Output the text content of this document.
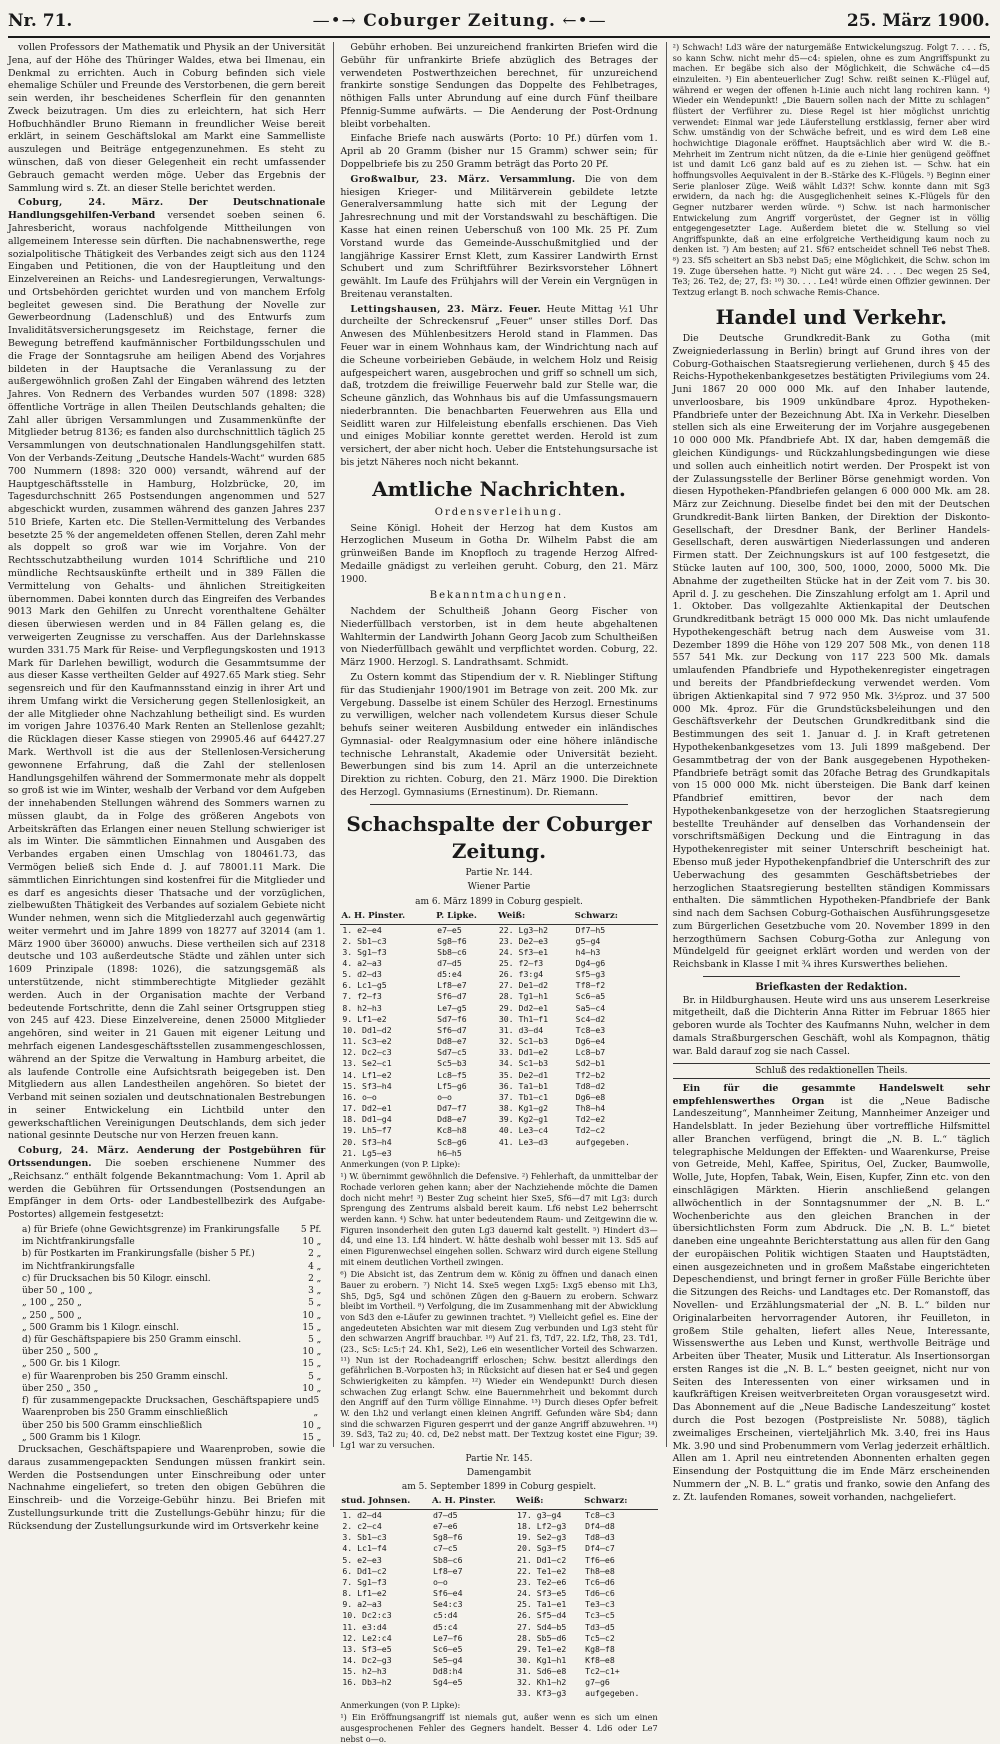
Nr. 71.	—•→ Coburger Zeitung. ←•—	25. März 1900.

vollen Professors der Mathematik und Physik an der Universität Jena, auf der Höhe des Thüringer Waldes, etwa bei Ilmenau, ein Denkmal zu errichten. Auch in Coburg befinden sich viele ehemalige Schüler und Freunde des Verstorbenen, die gern bereit sein werden, ihr bescheidenes Scherflein für den genannten Zweck beizutragen. Um dies zu erleichtern, hat sich Herr Hofbuchhändler Bruno Riemann in freundlicher Weise bereit erklärt, in seinem Geschäftslokal am Markt eine Sammelliste auszulegen und Beiträge entgegenzunehmen. Es steht zu wünschen, daß von dieser Gelegenheit ein recht umfassender Gebrauch gemacht werden möge. Ueber das Ergebnis der Sammlung wird s. Zt. an dieser Stelle berichtet werden.

Coburg, 24. März.	Der Deutschnationale Handlungsgehilfen-Verband versendet soeben seinen 6. Jahresbericht, woraus nachfolgende Mittheilungen von allgemeinem Interesse sein dürften. Die nachabnenswerthe, rege sozialpolitische Thätigkeit des Verbandes zeigt sich aus den 1124 Eingaben und Petitionen, die von der Hauptleitung und den Einzelvereinen an Reichs- und Landesregierungen, Verwaltungs- und Ortsbehörden gerichtet wurden und von manchem Erfolg begleitet gewesen sind. Die Berathung der Novelle zur Gewerbeordnung (Ladenschluß) und des Entwurfs zum Invaliditätsversicherungsgesetz im Reichstage, ferner die Bewegung betreffend kaufmännischer Fortbildungsschulen und die Frage der Sonntagsruhe am heiligen Abend des Vorjahres bildeten in der Hauptsache die Veranlassung zu der außergewöhnlich großen Zahl der Eingaben während des letzten Jahres. Von Rednern des Verbandes wurden 507 (1898: 328) öffentliche Vorträge in allen Theilen Deutschlands gehalten; die Zahl aller übrigen Versammlungen und Zusammenkünfte der Mitglieder betrug 8136; es fanden also durchschnittlich täglich 25 Versammlungen von deutschnationalen Handlungsgehilfen statt. Von der Verbands-Zeitung „Deutsche Handels-Wacht“ wurden 685 700 Nummern (1898: 320 000) versandt, während auf der Hauptgeschäftsstelle in Hamburg, Holzbrücke, 20, im Tagesdurchschnitt 265 Postsendungen angenommen und 527 abgeschickt wurden, zusammen während des ganzen Jahres 237 510 Briefe, Karten etc. Die Stellen-Vermittelung des Verbandes besetzte 25 % der angemeldeten offenen Stellen, deren Zahl mehr als doppelt so groß war wie im Vorjahre. Von der Rechtsschutzabtheilung wurden 1014 Schriftliche und 210 mündliche Rechtsauskünfte ertheilt und in 389 Fällen die Vermittelung von Gehalts- und ähnlichen Streitigkeiten übernommen. Dabei konnten durch das Eingreifen des Verbandes 9013 Mark den Gehilfen zu Unrecht vorenthaltene Gehälter diesen überwiesen werden und in 84 Fällen gelang es, die verweigerten Zeugnisse zu verschaffen. Aus der Darlehnskasse wurden 331.75 Mark für Reise- und Verpflegungskosten und 1913 Mark für Darlehen bewilligt, wodurch die Gesammtsumme der aus dieser Kasse vertheilten Gelder auf 4927.65 Mark stieg. Sehr segensreich und für den Kaufmannsstand einzig in ihrer Art und ihrem Umfang wirkt die Versicherung gegen Stellenlosigkeit, an der alle Mitglieder ohne Nachzahlung betheiligt sind. Es wurden im vorigen Jahre 10376.40 Mark Renten an Stellenlose gezahlt; die Rücklagen dieser Kasse stiegen von 29905.46 auf 64427.27 Mark. Werthvoll ist die aus der Stellenlosen-Versicherung gewonnene Erfahrung, daß die Zahl der stellenlosen Handlungsgehilfen während der Sommermonate mehr als doppelt so groß ist wie im Winter, weshalb der Verband vor dem Aufgeben der innehabenden Stellungen während des Sommers warnen zu müssen glaubt, da in Folge des größeren Angebots von Arbeitskräften das Erlangen einer neuen Stellung schwieriger ist als im Winter. Die sämmtlichen Einnahmen und Ausgaben des Verbandes ergaben einen Umschlag von 180461.73, das Vermögen beließ sich Ende d. J. auf 78001.11 Mark. Die sämmtlichen Einrichtungen sind kostenfrei für die Mitglieder und es darf es angesichts dieser Thatsache und der vorzüglichen, zielbewußten Thätigkeit des Verbandes auf sozialem Gebiete nicht Wunder nehmen, wenn sich die Mitgliederzahl auch gegenwärtig weiter vermehrt und im Jahre 1899 von 18277 auf 32014 (am 1. März 1900 über 36000) anwuchs. Diese vertheilen sich auf 2318 deutsche und 103 außerdeutsche Städte und zählen unter sich 1609 Prinzipale (1898: 1026), die satzungsgemäß als unterstützende, nicht stimmberechtigte Mitglieder gezählt werden. Auch in der Organisation machte der Verband bedeutende Fortschritte, denn die Zahl seiner Ortsgruppen stieg von 245 auf 423. Diese Einzelvereine, denen 25000 Mitglieder angehören, sind weiter in 21 Gauen mit eigener Leitung und mehrfach eigenen Landesgeschäftsstellen zusammengeschlossen, während an der Spitze die Verwaltung in Hamburg arbeitet, die als laufende Controlle eine Aufsichtsrath beigegeben ist. Den Mitgliedern aus allen Landestheilen angehören. So bietet der Verband mit seinen sozialen und deutschnationalen Bestrebungen in seiner Entwickelung ein Lichtbild unter den gewerkschaftlichen Vereinigungen Deutschlands, dem sich jeder national gesinnte Deutsche nur von Herzen freuen kann.

Coburg, 24. März. Aenderung der Postgebühren für Ortssendungen. Die soeben erschienene Nummer des „Reichsanz.“ enthält folgende Bekanntmachung: Vom 1. April ab werden die Gebühren für Ortssendungen (Postsendungen an Empfänger in dem Orts- oder Landbestellbezirk des Aufgabe-Postortes) allgemein festgesetzt:

a) für Briefe (ohne Gewichtsgrenze) im Frankirungsfalle 5 Pf.
im Nichtfrankirungsfalle	10 „
b) für Postkarten im Frankirungsfalle (bisher 5 Pf.)	2 „
im Nichtfrankirungsfalle	4 „
c) für Drucksachen bis 50 Kilogr. einschl.	2 „
über 50 „ 100 „	3 „
„ 100 „ 250 „	5 „
„ 250 „ 500 „	10 „
„ 500 Gramm bis 1 Kilogr. einschl.	15 „
d) für Geschäftspapiere bis 250 Gramm einschl.	5 „
über 250 „ 500 „	10 „
„ 500 Gr. bis 1 Kilogr.	15 „
e) für Waarenproben bis 250 Gramm einschl.	5 „
über 250 „ 350 „	10 „
f) für zusammengepackte Drucksachen, Geschäftspapiere und Waarenproben bis 250 Gramm einschließlich
5 „
über 250 bis 500 Gramm einschließlich	10 „
„ 500 Gramm bis 1 Kilogr.	15 „

Drucksachen, Geschäftspapiere und Waarenproben, sowie die daraus zusammengepackten Sendungen müssen frankirt sein. Werden die Postsendungen unter Einschreibung oder unter Nachnahme eingeliefert, so treten den obigen Gebühren die Einschreib- und die Vorzeige-Gebühr hinzu. Bei Briefen mit Zustellungsurkunde tritt die Zustellungs-Gebühr hinzu; für die Rücksendung der Zustellungsurkunde wird im Ortsverkehr keine

Gebühr erhoben. Bei unzureichend frankirten Briefen wird die Gebühr für unfrankirte Briefe abzüglich des Betrages der verwendeten Postwerthzeichen berechnet, für unzureichend frankirte sonstige Sendungen das Doppelte des Fehlbetrages, nöthigen Falls unter Abrundung auf eine durch Fünf theilbare Pfennig-Summe aufwärts. — Die Aenderung der Post-Ordnung bleibt vorbehalten.

Einfache Briefe nach auswärts (Porto: 10 Pf.) dürfen vom 1. April ab 20 Gramm (bisher nur 15 Gramm) schwer sein; für Doppelbriefe bis zu 250 Gramm beträgt das Porto 20 Pf.

Großwalbur, 23. März. Versammlung. Die von dem hiesigen Krieger- und Militärverein gebildete letzte Generalversammlung hatte sich mit der Legung der Jahresrechnung und mit der Vorstandswahl zu beschäftigen. Die Kasse hat einen reinen Ueberschuß von 100 Mk. 25 Pf. Zum Vorstand wurde das Gemeinde-Ausschußmitglied und der langjährige Kassirer Ernst Klett, zum Kassirer Landwirth Ernst Schubert und zum Schriftführer Bezirksvorsteher Löhnert gewählt. Im Laufe des Frühjahrs will der Verein ein Vergnügen in Breitenau veranstalten.

Lettingshausen, 23. März. Feuer. Heute Mittag ½1 Uhr durcheilte der Schreckensruf „Feuer“ unser stilles Dorf. Das Anwesen des Mühlenbesitzers Herold stand in Flammen. Das Feuer war in einem Wohnhaus kam, der Windrichtung nach auf die Scheune vorbeirieben Gebäude, in welchem Holz und Reisig aufgespeichert waren, ausgebrochen und griff so schnell um sich, daß, trotzdem die freiwillige Feuerwehr bald zur Stelle war, die Scheune gänzlich, das Wohnhaus bis auf die Umfassungsmauern niederbrannten. Die benachbarten Feuerwehren aus Ella und Seidlitt waren zur Hilfeleistung ebenfalls erschienen. Das Vieh und einiges Mobiliar konnte gerettet werden. Herold ist zum versichert, der aber nicht hoch. Ueber die Entstehungsursache ist bis jetzt Näheres noch nicht bekannt.

Amtliche Nachrichten.
Ordensverleihung.

Seine Königl. Hoheit der Herzog hat dem Kustos am Herzoglichen Museum in Gotha Dr. Wilhelm Pabst die am grünweißen Bande im Knopfloch zu tragende Herzog Alfred-Medaille gnädigst zu verleihen geruht. Coburg, den 21. März 1900.

Bekanntmachungen.

Nachdem der Schultheiß Johann Georg Fischer von Niederfüllbach verstorben, ist in dem heute abgehaltenen Wahltermin der Landwirth Johann Georg Jacob zum Schultheißen von Niederfüllbach gewählt und verpflichtet worden. Coburg, 22. März 1900. Herzogl. S. Landrathsamt. Schmidt.

Zu Ostern kommt das Stipendium der v. R. Nieblinger Stiftung für das Studienjahr 1900/1901 im Betrage von zeit. 200 Mk. zur Vergebung. Dasselbe ist einem Schüler des Herzogl. Ernestinums zu verwilligen, welcher nach vollendetem Kursus dieser Schule behufs seiner weiteren Ausbildung entweder ein inländisches Gymnasial- oder Realgymnasium oder eine höhere inländische technische Lehranstalt, Akademie oder Universität bezieht. Bewerbungen sind bis zum 14. April an die unterzeichnete Direktion zu richten. Coburg, den 21. März 1900. Die Direktion des Herzogl. Gymnasiums (Ernestinum). Dr. Riemann.

Schachspalte der Coburger Zeitung.
Partie Nr. 144.
Wiener Partie
am 6. März 1899 in Coburg gespielt.
A. H. Pinster.	P. Lipke.	Weiß:	Schwarz:
1. e2—e4	e7—e5	22. Lg3—h2	Df7—h5
2. Sb1—c3	Sg8—f6	23. De2—e3	g5—g4
3. Sg1—f3	Sb8—c6	24. Sf3—e1	h4—h3
4. a2—a3	d7—d5	25. f2—f3	Dg4—g6
5. d2—d3	d5:e4	26. f3:g4	Sf5—g3
6. Lc1—g5	Lf8—e7	27. De1—d2	Tf8—f2
7. f2—f3	Sf6—d7	28. Tg1—h1	Sc6—a5
8. h2—h3	Le7—g5	29. Dd2—e1	Sa5—c4
9. Lf1—e2	Sd7—f6	30. Th1—f1	Sc4—d2
10. Dd1—d2	Sf6—d7	31. d3—d4	Tc8—e3
11. Sc3—e2	Dd8—e7	32. Sc1—b3	Dg6—e4
12. Dc2—c3	Sd7—c5	33. Dd1—e2	Lc8—b7
13. Se2—c1	Sc5—b3	34. Sc1—b3	Sd2—b1
14. Lf1—e2	Lc8—f5	35. De2—d1	Tf2—b2
15. Sf3—h4	Lf5—g6	36. Ta1—b1	Td8—d2
16. o—o	o—o	37. Tb1—c1	Dg6—e8
17. Dd2—e1	Dd7—f7	38. Kg1—g2	Th8—h4
18. Dd1—g4	Dd8—e7	39. Kg2—g1	Td2—e2
19. Lh5—f7	Kc8—h8	40. Le3—c4	Td2—c2
20. Sf3—h4	Sc8—g6	41. Le3—d3	aufgegeben.
21. Lg5—e3	h6—h5		

Anmerkungen (von P. Lipke):

¹) W. übernimmt gewöhnlich die Defensive. ²) Fehlerhaft, da unmittelbar der Rochade verloren gehen kann; aber der Nachziehende möchte die Damen doch nicht mehr! ³) Bester Zug scheint hier Sxe5, Sf6—d7 mit Lg3: durch Sprengung des Zentrums alsbald bereit kaum. Lf6 nebst Le2 beherrscht werden kann. ⁴) Schw. hat unter bedeutendem Raum- und Zeitgewinn die w. Figuren insonderheit den guten Lg3 dauernd kalt gestellt. ⁵) Hindert d3—d4, und eine 13. Lf4 hindert. W. hätte deshalb wohl besser mit 13. Sd5 auf einen Figurenwechsel eingehen sollen. Schwarz wird durch eigene Stellung mit einem deutlichen Vortheil zwingen.

⁶) Die Absicht ist, das Zentrum dem w. König zu öffnen und danach einen Bauer zu erobern. ⁷) Nicht 14. Sxe5 wegen Lxg5: Lxg5 ebenso mit Lh3, Sh5, Dg5, Sg4 und schönen Zügen den g-Bauern zu erobern. Schwarz bleibt im Vortheil. ⁸) Verfolgung, die im Zusammenhang mit der Abwicklung von Sd3 den e-Läufer zu gewinnen trachtet. ⁹) Vielleicht gefiel es. Eine der angedeuteten Absichten war mit diesem Zug verbunden und Lg3 steht für den schwarzen Angriff brauchbar. ¹⁰) Auf 21. f3, Td7, 22. Lf2, Th8, 23. Td1, (23., Sc5: Lc5:† 24. Kh1, Se2), Le6 ein wesentlicher Vorteil des Schwarzen. ¹¹) Nun ist der Rochadeangriff erloschen; Schw. besitzt allerdings den gefährlichen B.-Vorposten h3; in Rücksicht auf diesen hat er Se4 und gegen Schwierigkeiten zu kämpfen. ¹²) Wieder ein Wendepunkt! Durch diesen schwachen Zug erlangt Schw. eine Bauernmehrheit und bekommt durch den Angriff auf den Turm völlige Einnahme. ¹³) Durch dieses Opfer befreit W. den Lh2 und verlangt einen kleinen Angriff. Gefunden wäre Sb4; dann sind die schwarzen Figuren gesperrt und der ganze Angriff abzuwehren. ¹⁴) 39. Sd3, Ta2 zu; 40. cd, De2 nebst matt. Der Textzug kostet eine Figur; 39. Lg1 war zu versuchen.

Partie Nr. 145.
Damengambit
am 5. September 1899 in Coburg gespielt.
stud. Johnsen.	A. H. Pinster.	Weiß:	Schwarz:
1. d2—d4	d7—d5	17. g3—g4	Tc8—c3
2. c2—c4	e7—e6	18. Lf2—g3	Df4—d8
3. Sb1—c3	Sg8—f6	19. Se2—g3	Td8—d3
4. Lc1—f4	c7—c5	20. Sg3—f5	Df4—c7
5. e2—e3	Sb8—c6	21. Dd1—c2	Tf6—e6
6. Dd1—c2	Lf8—e7	22. Te1—e2	Th8—e8
7. Sg1—f3	o—o	23. Te2—e6	Tc6—d6
8. Lf1—e2	Sf6—e4	24. Sf3—e5	Td6—c6
9. a2—a3	Se4:c3	25. Ta1—e1	Te3—c3
10. Dc2:c3	c5:d4	26. Sf5—d4	Tc3—c5
11. e3:d4	d5:c4	27. Sd4—b5	Td3—d5
12. Le2:c4	Le7—f6	28. Sb5—d6	Tc5—c2
13. Sf3—e5	Sc6—e5	29. Te1—e2	Kg8—f8
14. Dc2—g3	Se5—g4	30. Kg1—h1	Kf8—e8
15. h2—h3	Dd8:h4	31. Sd6—e8	Tc2—c1+
16. Db3—h2	Sg4—e5	32. Kh1—h2	g7—g6
		33. Kf3—g3	aufgegeben.

Anmerkungen (von P. Lipke):

¹) Ein Eröffnungsangriff ist niemals gut, außer wenn es sich um einen ausgesprochenen Fehler des Gegners handelt. Besser 4. Ld6 oder Le7 nebst o—o.

²) Schwach! Ld3 wäre der naturgemäße Entwickelungszug. Folgt 7. . . . f5, so kann Schw. nicht mehr d5—c4: spielen, ohne es zum Angriffspunkt zu machen. Er begäbe sich also der Möglichkeit, die Schwäche c4—d5 einzuleiten. ³) Ein abenteuerlicher Zug! Schw. reißt seinen K.-Flügel auf, während er wegen der offenen h-Linie auch nicht lang rochiren kann. ⁴) Wieder ein Wendepunkt! „Die Bauern sollen nach der Mitte zu schlagen“ flüstert der Verführer zu. Diese Regel ist hier möglichst unrichtig verwendet: Einmal war jede Läuferstellung erstklassig, ferner aber wird Schw. umständig von der Schwäche befreit, und es wird dem Le8 eine hochwichtige Diagonale eröffnet. Hauptsächlich aber wird W. die B.-Mehrheit im Zentrum nicht nützen, da die e-Linie hier genügend geöffnet ist und damit Lc6 ganz bald auf es zu ziehen ist. — Schw. hat ein hoffnungsvolles Aequivalent in der B.-Stärke des K.-Flügels. ⁵) Beginn einer Serie planloser Züge. Weiß wählt Ld3?! Schw. konnte dann mit Sg3 erwidern, da nach hg: die Ausgeglichenheit seines K.-Flügels für den Gegner nutzbarer werden würde. ⁶) Schw. ist nach harmonischer Entwickelung zum Angriff vorgerüstet, der Gegner ist in völlig entgegengesetzter Lage. Außerdem bietet die w. Stellung so viel Angriffspunkte, daß an eine erfolgreiche Vertheidigung kaum noch zu denken ist. ⁷) Am besten; auf 21. Sf6? entscheidet schnell Te6 nebst The8. ⁸) 23. Sf5 scheitert an Sb3 nebst Da5; eine Möglichkeit, die Schw. schon im 19. Zuge übersehen hatte. ⁹) Nicht gut wäre 24. . . . Dec wegen 25 Se4, Te3; 26. Te2, de; 27, f3: ¹⁰) 30. . . . Le4! würde einen Offizier gewinnen. Der Textzug erlangt B. noch schwache Remis-Chance.

Handel und Verkehr.

Die Deutsche Grundkredit-Bank zu Gotha (mit Zweigniederlassung in Berlin) bringt auf Grund ihres von der Coburg-Gothaischen Staatsregierung verliehenen, durch § 45 des Reichs-Hypothekenbankgesetzes bestätigten Privilegiums vom 24. Juni 1867 20 000 000 Mk. auf den Inhaber lautende, unverloosbare, bis 1909 unkündbare 4proz. Hypotheken-Pfandbriefe unter der Bezeichnung Abt. IXa in Verkehr. Dieselben stellen sich als eine Erweiterung der im Vorjahre ausgegebenen 10 000 000 Mk. Pfandbriefe Abt. IX dar, haben demgemäß die gleichen Kündigungs- und Rückzahlungsbedingungen wie diese und sollen auch einheitlich notirt werden. Der Prospekt ist von der Zulassungsstelle der Berliner Börse genehmigt worden. Von diesen Hypotheken-Pfandbriefen gelangen 6 000 000 Mk. am 28. März zur Zeichnung. Dieselbe findet bei den mit der Deutschen Grundkredit-Bank liirten Banken, der Direktion der Diskonto-Gesellschaft, der Dresdner Bank, der Berliner Handels-Gesellschaft, deren auswärtigen Niederlassungen und anderen Firmen statt. Der Zeichnungskurs ist auf 100 festgesetzt, die Stücke lauten auf 100, 300, 500, 1000, 2000, 5000 Mk. Die Abnahme der zugetheilten Stücke hat in der Zeit vom 7. bis 30. April d. J. zu geschehen. Die Zinszahlung erfolgt am 1. April und 1. Oktober. Das vollgezahlte Aktienkapital der Deutschen Grundkreditbank beträgt 15 000 000 Mk. Das nicht umlaufende Hypothekengeschäft betrug nach dem Ausweise vom 31. Dezember 1899 die Höhe von 129 207 508 Mk., von denen 118 557 541 Mk. zur Deckung von 117 223 500 Mk. damals umlaufenden Pfandbriefe und Hypothekenregister eingetragen und bereits der Pfandbriefdeckung verwendet werden. Vom übrigen Aktienkapital sind 7 972 950 Mk. 3½proz. und 37 500 000 Mk. 4proz. Für die Grundstücksbeleihungen und den Geschäftsverkehr der Deutschen Grundkreditbank sind die Bestimmungen des seit 1. Januar d. J. in Kraft getretenen Hypothekenbankgesetzes vom 13. Juli 1899 maßgebend. Der Gesammtbetrag der von der Bank ausgegebenen Hypotheken-Pfandbriefe beträgt somit das 20fache Betrag des Grundkapitals von 15 000 000 Mk. nicht übersteigen. Die Bank darf keinen Pfandbrief emittiren, bevor der nach dem Hypothekenbankgesetze von der herzoglichen Staatsregierung bestellte Treuhänder auf denselben das Vorhandensein der vorschriftsmäßigen Deckung und die Eintragung in das Hypothekenregister mit seiner Unterschrift bescheinigt hat. Ebenso muß jeder Hypothekenpfandbrief die Unterschrift des zur Ueberwachung des gesammten Geschäftsbetriebes der herzoglichen Staatsregierung bestellten ständigen Kommissars enthalten. Die sämmtlichen Hypotheken-Pfandbriefe der Bank sind nach dem Sachsen Coburg-Gothaischen Ausführungsgesetze zum Bürgerlichen Gesetzbuche vom 20. November 1899 in den herzogthümern Sachsen Coburg-Gotha zur Anlegung von Mündelgeld für geeignet erklärt worden und werden von der Reichsbank in Klasse I mit ¾ ihres Kurswerthes beliehen.

Briefkasten der Redaktion.

Br. in Hildburghausen. Heute wird uns aus unserem Leserkreise mitgetheilt, daß die Dichterin Anna Ritter im Februar 1865 hier geboren wurde als Tochter des Kaufmanns Nuhn, welcher in dem damals Straßburgerschen Geschäft, wohl als Kompagnon, thätig war. Bald darauf zog sie nach Cassel.

Schluß des redaktionellen Theils.

Ein für die gesammte Handelswelt sehr empfehlenswerthes Organ ist die „Neue Badische Landeszeitung“, Mannheimer Zeitung, Mannheimer Anzeiger und Handelsblatt. In jeder Beziehung über vortreffliche Hilfsmittel aller Branchen verfügend, bringt die „N. B. L.“ täglich telegraphische Meldungen der Effekten- und Waarenkurse, Preise von Getreide, Mehl, Kaffee, Spiritus, Oel, Zucker, Baumwolle, Wolle, Jute, Hopfen, Tabak, Wein, Eisen, Kupfer, Zinn etc. von den einschlägigen Märkten. Hierin anschließend gelangen allwöchentlich in der Sonntagsnummer der „N. B. L.“ Wochenberichte aus den gleichen Branchen in der übersichtlichsten Form zum Abdruck. Die „N. B. L.“ bietet daneben eine ungeahnte Berichterstattung aus allen für den Gang der europäischen Politik wichtigen Staaten und Hauptstädten, einen ausgezeichneten und in großem Maßstabe eingerichteten Depeschendienst, und bringt ferner in großer Fülle Berichte über die Sitzungen des Reichs- und Landtages etc. Der Romanstoff, das Novellen- und Erzählungsmaterial der „N. B. L.“ bilden nur Originalarbeiten hervorragender Autoren, ihr Feuilleton, in großem Stile gehalten, liefert alles Neue, Interessante, Wissenswerthe aus Leben und Kunst, werthvolle Beiträge und Arbeiten über Theater, Musik und Litteratur. Als Insertionsorgan ersten Ranges ist die „N. B. L.“ besten geeignet, nicht nur von Seiten des Interessenten von einer wirksamen und in kaufkräftigen Kreisen weitverbreiteten Organ vorausgesetzt wird. Das Abonnement auf die „Neue Badische Landeszeitung“ kostet durch die Post bezogen (Postpreisliste Nr. 5088), täglich zweimaliges Erscheinen, vierteljährlich Mk. 3.40, frei ins Haus Mk. 3.90 und sind Probenummern vom Verlag jederzeit erhältlich. Allen am 1. April neu eintretenden Abonnenten erhalten gegen Einsendung der Postquittung die im Ende März erscheinenden Nummern der „N. B. L.“ gratis und franko, sowie den Anfang des z. Zt. laufenden Romanes, soweit vorhanden, nachgeliefert.
